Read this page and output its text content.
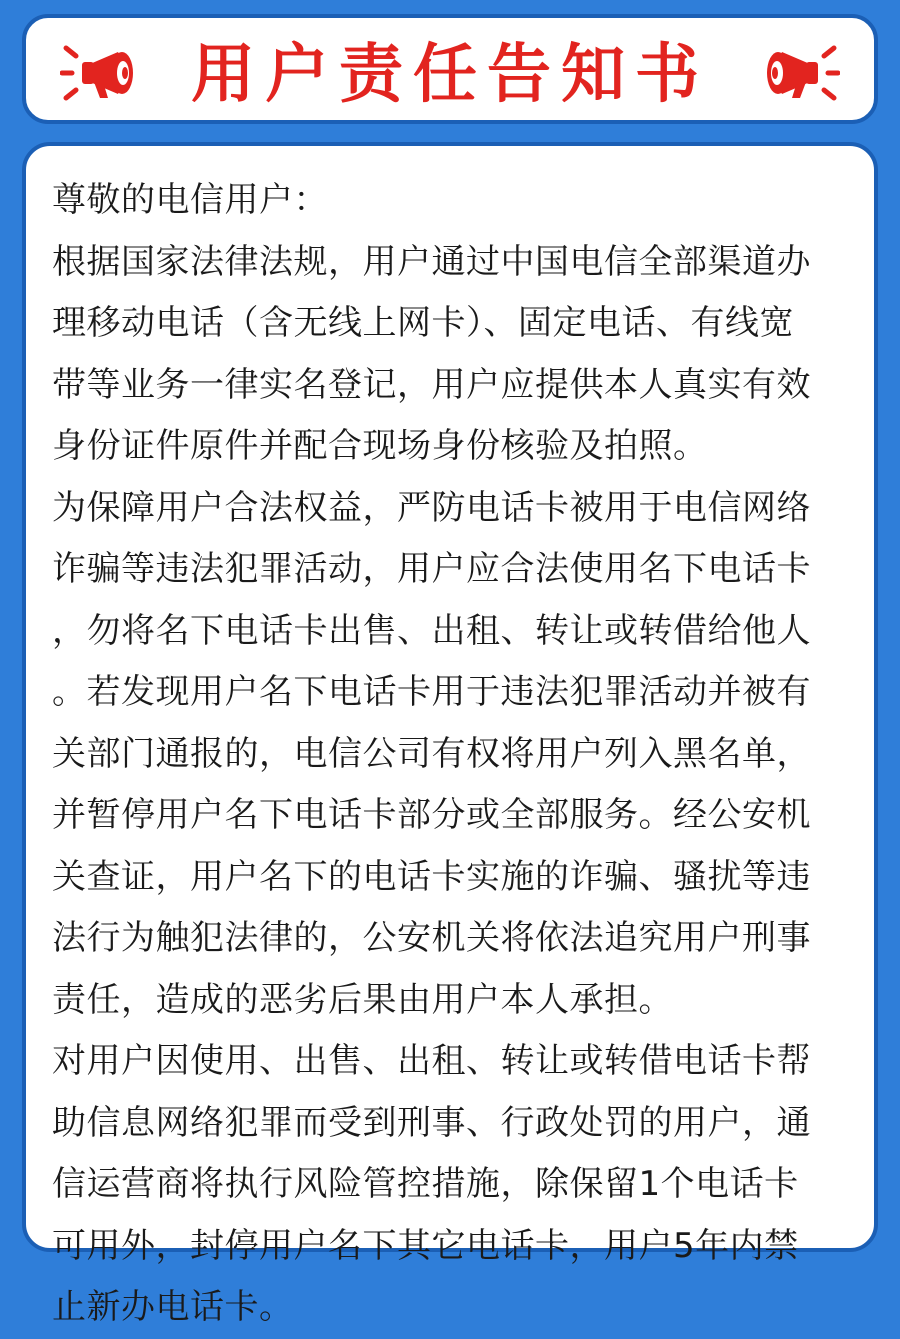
用户责任告知书

尊敬的电信用户：

根据国家法律法规，用户通过中国电信全部渠道办
理移动电话（含无线上网卡）、固定电话、有线宽
带等业务一律实名登记，用户应提供本人真实有效
身份证件原件并配合现场身份核验及拍照。

为保障用户合法权益，严防电话卡被用于电信网络
诈骗等违法犯罪活动，用户应合法使用名下电话卡
，勿将名下电话卡出售、出租、转让或转借给他人
。若发现用户名下电话卡用于违法犯罪活动并被有
关部门通报的，电信公司有权将用户列入黑名单，
并暂停用户名下电话卡部分或全部服务。经公安机
关查证，用户名下的电话卡实施的诈骗、骚扰等违
法行为触犯法律的，公安机关将依法追究用户刑事
责任，造成的恶劣后果由用户本人承担。

对用户因使用、出售、出租、转让或转借电话卡帮
助信息网络犯罪而受到刑事、行政处罚的用户，通
信运营商将执行风险管控措施，除保留1个电话卡
可用外，封停用户名下其它电话卡，用户5年内禁
止新办电话卡。
